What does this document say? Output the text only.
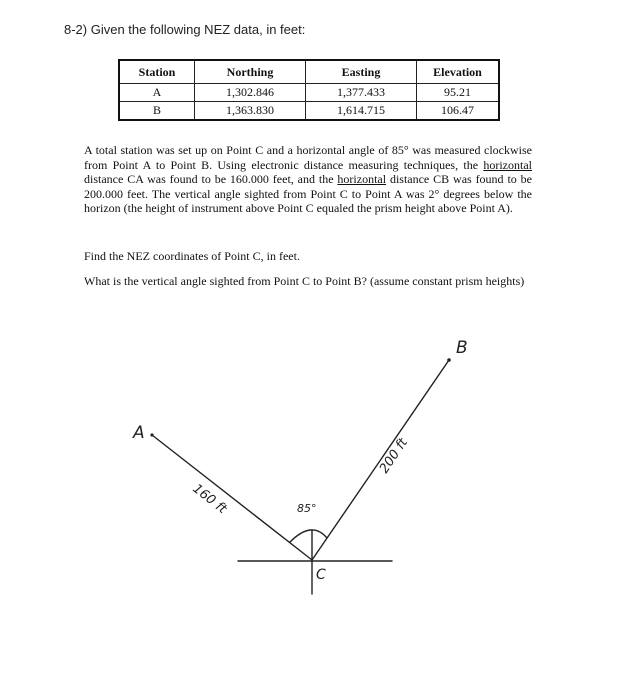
8-2) Given the following NEZ data, in feet:
Station	Northing	Easting	Elevation
A	1,302.846	1,377.433	95.21
B	1,363.830	1,614.715	106.47

A total station was set up on Point C and a horizontal angle of 85° was measured clockwise from Point A to Point B. Using electronic distance measuring techniques, the horizontal distance CA was found to be 160.000 feet, and the horizontal distance CB was found to be 200.000 feet. The vertical angle sighted from Point C to Point A was 2° degrees below the horizon (the height of instrument above Point C equaled the prism height above Point A).

Find the NEZ coordinates of Point C, in feet.

What is the vertical angle sighted from Point C to Point B? (assume constant prism heights)

A
B
C
160 ft
200 ft
85°
